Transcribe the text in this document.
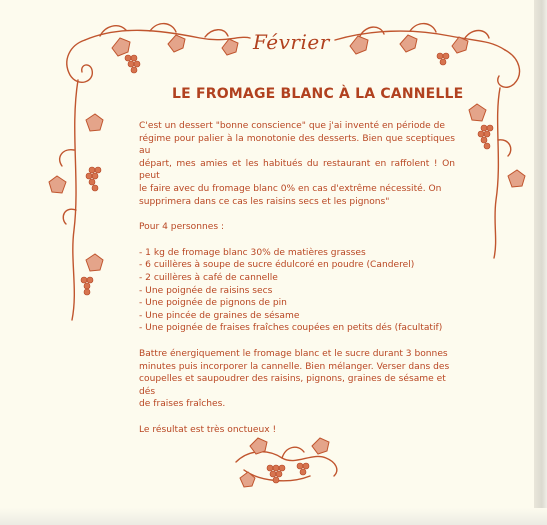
Février
LE FROMAGE BLANC À LA CANNELLE

C'est un dessert "bonne conscience" que j'ai inventé en période de
régime pour palier à la monotonie des desserts. Bien que sceptiques au
départ, mes amies et les habitués du restaurant en raffolent ! On peut
le faire avec du fromage blanc 0% en cas d'extrême nécessité. On
supprimera dans ce cas les raisins secs et les pignons"

Pour 4 personnes :

- 1 kg de fromage blanc 30% de matières grasses
- 6 cuillères à soupe de sucre édulcoré en poudre (Canderel)
- 2 cuillères à café de cannelle
- Une poignée de raisins secs
- Une poignée de pignons de pin
- Une pincée de graines de sésame
- Une poignée de fraises fraîches coupées en petits dés (facultatif)

Battre énergiquement le fromage blanc et le sucre durant 3 bonnes
minutes puis incorporer la cannelle. Bien mélanger. Verser dans des
coupelles et saupoudrer des raisins, pignons, graines de sésame et dés
de fraises fraîches.

Le résultat est très onctueux !
